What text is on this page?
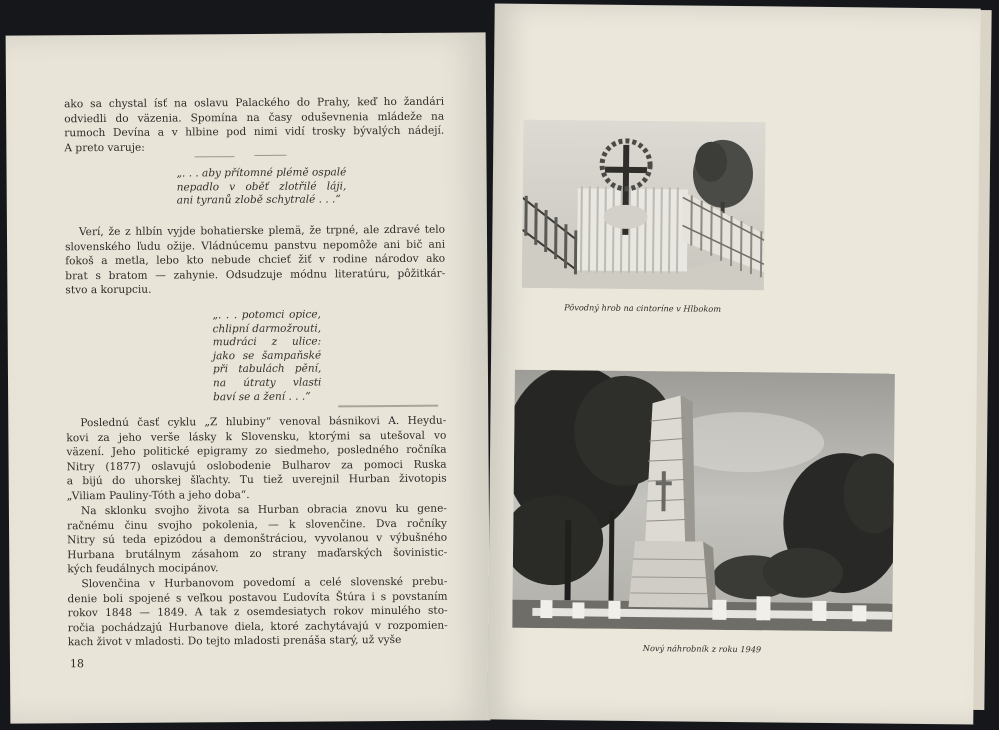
ako sa chystal ísť na oslavu Palackého do Prahy, keď ho žandári
odviedli do väzenia. Spomína na časy oduševnenia mládeže na
rumoch Devína a v hlbine pod nimi vidí trosky bývalých nádejí.
A preto varuje:
„. . . aby přítomné plémě ospalé
nepadlo v oběť zlotřilé láji,
ani tyranů zlobě schytralé . . .“
Verí, že z hlbín vyjde bohatierske plemä, že trpné, ale zdravé telo
slovenského ľudu ožije. Vládnúcemu panstvu nepomôže ani bič ani
fokoš a metla, lebo kto nebude chcieť žiť v rodine národov ako
brat s bratom — zahynie. Odsudzuje módnu literatúru, pôžitkár-
stvo a korupciu.
„. . . potomci opice,
chlipní darmožrouti,
mudráci z ulice:
jako se šampaňské
při tabulách pění,
na útraty vlasti
baví se a žení . . .“
Poslednú časť cyklu „Z hlubiny“ venoval básnikovi A. Heydu-
kovi za jeho verše lásky k Slovensku, ktorými sa utešoval vo
väzení. Jeho politické epigramy zo siedmeho, posledného ročníka
Nitry (1877) oslavujú oslobodenie Bulharov za pomoci Ruska
a bijú do uhorskej šľachty. Tu tiež uverejnil Hurban životopis
„Viliam Pauliny-Tóth a jeho doba“.
Na sklonku svojho života sa Hurban obracia znovu ku gene-
račnému činu svojho pokolenia, — k slovenčine. Dva ročníky
Nitry sú teda epizódou a demonštráciou, vyvolanou v výbušného
Hurbana brutálnym zásahom zo strany maďarských šovinistic-
kých feudálnych mocipánov.
Slovenčina v Hurbanovom povedomí a celé slovenské prebu-
denie boli spojené s veľkou postavou Ľudovíta Štúra i s povstaním
rokov 1848 — 1849. A tak z osemdesiatych rokov minulého sto-
ročia pochádzajú Hurbanove diela, ktoré zachytávajú v rozpomien-
kach život v mladosti. Do tejto mladosti prenáša starý, už vyše
18
Pôvodný hrob na cintoríne v Hlbokom
Nový náhrobník z roku 1949
